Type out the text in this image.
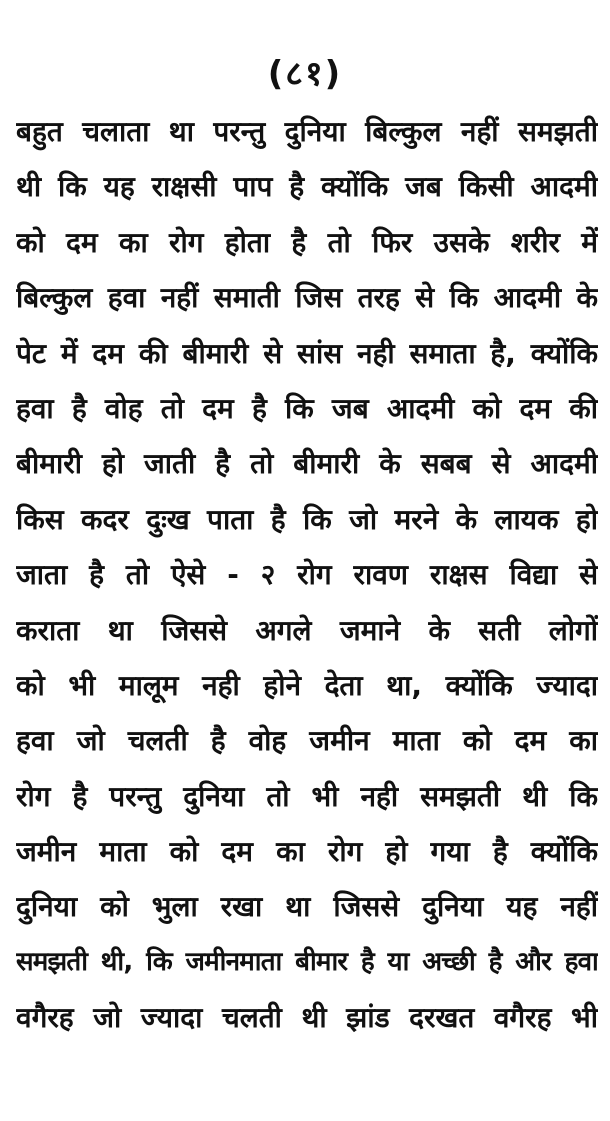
(८१)
बहुत चलाता था परन्तु दुनिया बिल्कुल नहीं समझती
थी कि यह राक्षसी पाप है क्योंकि जब किसी आदमी
को दम का रोग होता है तो फिर उसके शरीर में
बिल्कुल हवा नहीं समाती जिस तरह से कि आदमी के
पेट में दम की बीमारी से सांस नही समाता है, क्योंकि
हवा है वोह तो दम है कि जब आदमी को दम की
बीमारी हो जाती है तो बीमारी के सबब से आदमी
किस कदर दुःख पाता है कि जो मरने के लायक हो
जाता है तो ऐसे - २ रोग रावण राक्षस विद्या से
कराता था जिससे अगले जमाने के सती लोगों
को भी मालूम नही होने देता था, क्योंकि ज्यादा
हवा जो चलती है वोह जमीन माता को दम का
रोग है परन्तु दुनिया तो भी नही समझती थी कि
जमीन माता को दम का रोग हो गया है क्योंकि
दुनिया को भुला रखा था जिससे दुनिया यह नहीं
समझती थी, कि जमीनमाता बीमार है या अच्छी है और हवा
वगैरह जो ज्यादा चलती थी झांड दरखत वगैरह भी
